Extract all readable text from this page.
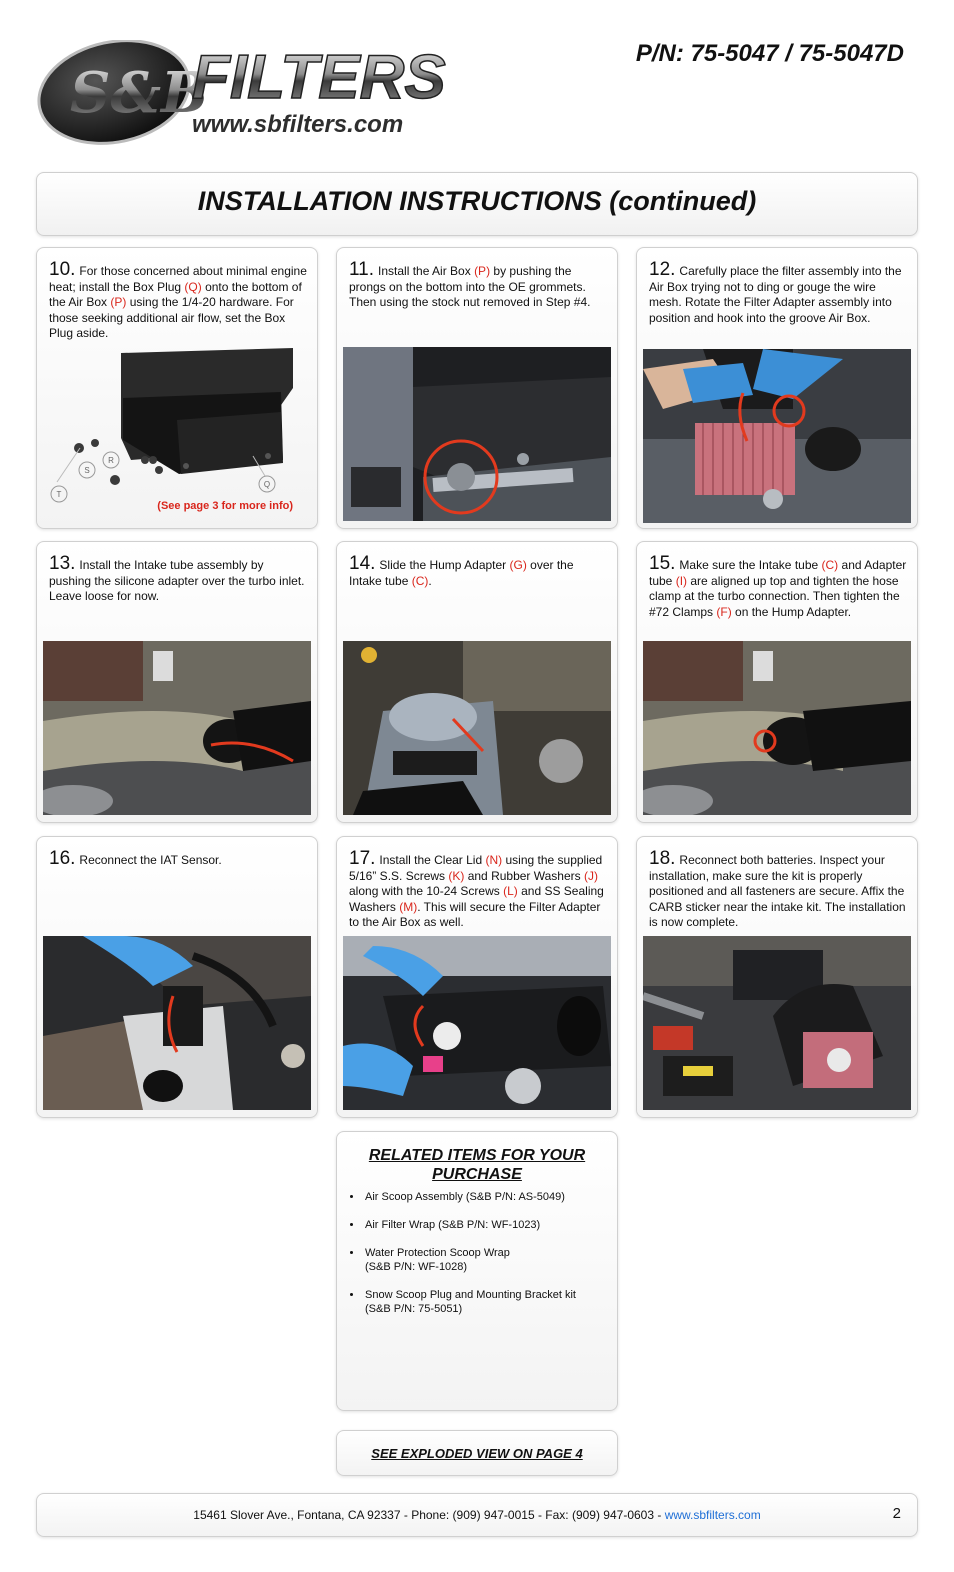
S&B
FILTERS
www.sbfilters.com
P/N: 75-5047 / 75-5047D
INSTALLATION INSTRUCTIONS (continued)
10. For those concerned about minimal engine heat; install the Box Plug (Q) onto the bottom of the Air Box (P) using the 1/4-20 hardware. For those seeking additional air flow, set the Box Plug aside.
R
S
T
Q
(See page 3 for more info)
11. Install the Air Box (P) by pushing the prongs on the bottom into the OE grommets. Then using the stock nut removed in Step #4.
12. Carefully place the filter assembly into the Air Box trying not to ding or gouge the wire mesh. Rotate the Filter Adapter assembly into position and hook into the groove Air Box.
13. Install the Intake tube assembly by pushing the silicone adapter over the turbo inlet. Leave loose for now.
14. Slide the Hump Adapter (G) over the Intake tube (C).
15. Make sure the Intake tube (C) and Adapter tube (I) are aligned up top and tighten the hose clamp at the turbo connection. Then tighten the #72 Clamps (F) on the Hump Adapter.
16. Reconnect the IAT Sensor.	17. Install the Clear Lid (N) using the supplied 5/16” S.S. Screws (K) and Rubber Washers (J) along with the 10-24 Screws (L) and SS Sealing Washers (M). This will secure the Filter Adapter to the Air Box as well.
18. Reconnect both batteries. Inspect your installation, make sure the kit is properly positioned and all fasteners are secure. Affix the CARB sticker near the intake kit. The installation is now complete.
RELATED ITEMS FOR YOUR PURCHASE
• Air Scoop Assembly (S&B P/N: AS-5049)
• Air Filter Wrap (S&B P/N: WF-1023)
• Water Protection Scoop Wrap
(S&B P/N: WF-1028)
• Snow Scoop Plug and Mounting Bracket kit
(S&B P/N: 75-5051)
SEE EXPLODED VIEW ON PAGE 4
15461 Slover Ave., Fontana, CA 92337 - Phone: (909) 947-0015 - Fax: (909) 947-0603 - www.sbfilters.com	2
